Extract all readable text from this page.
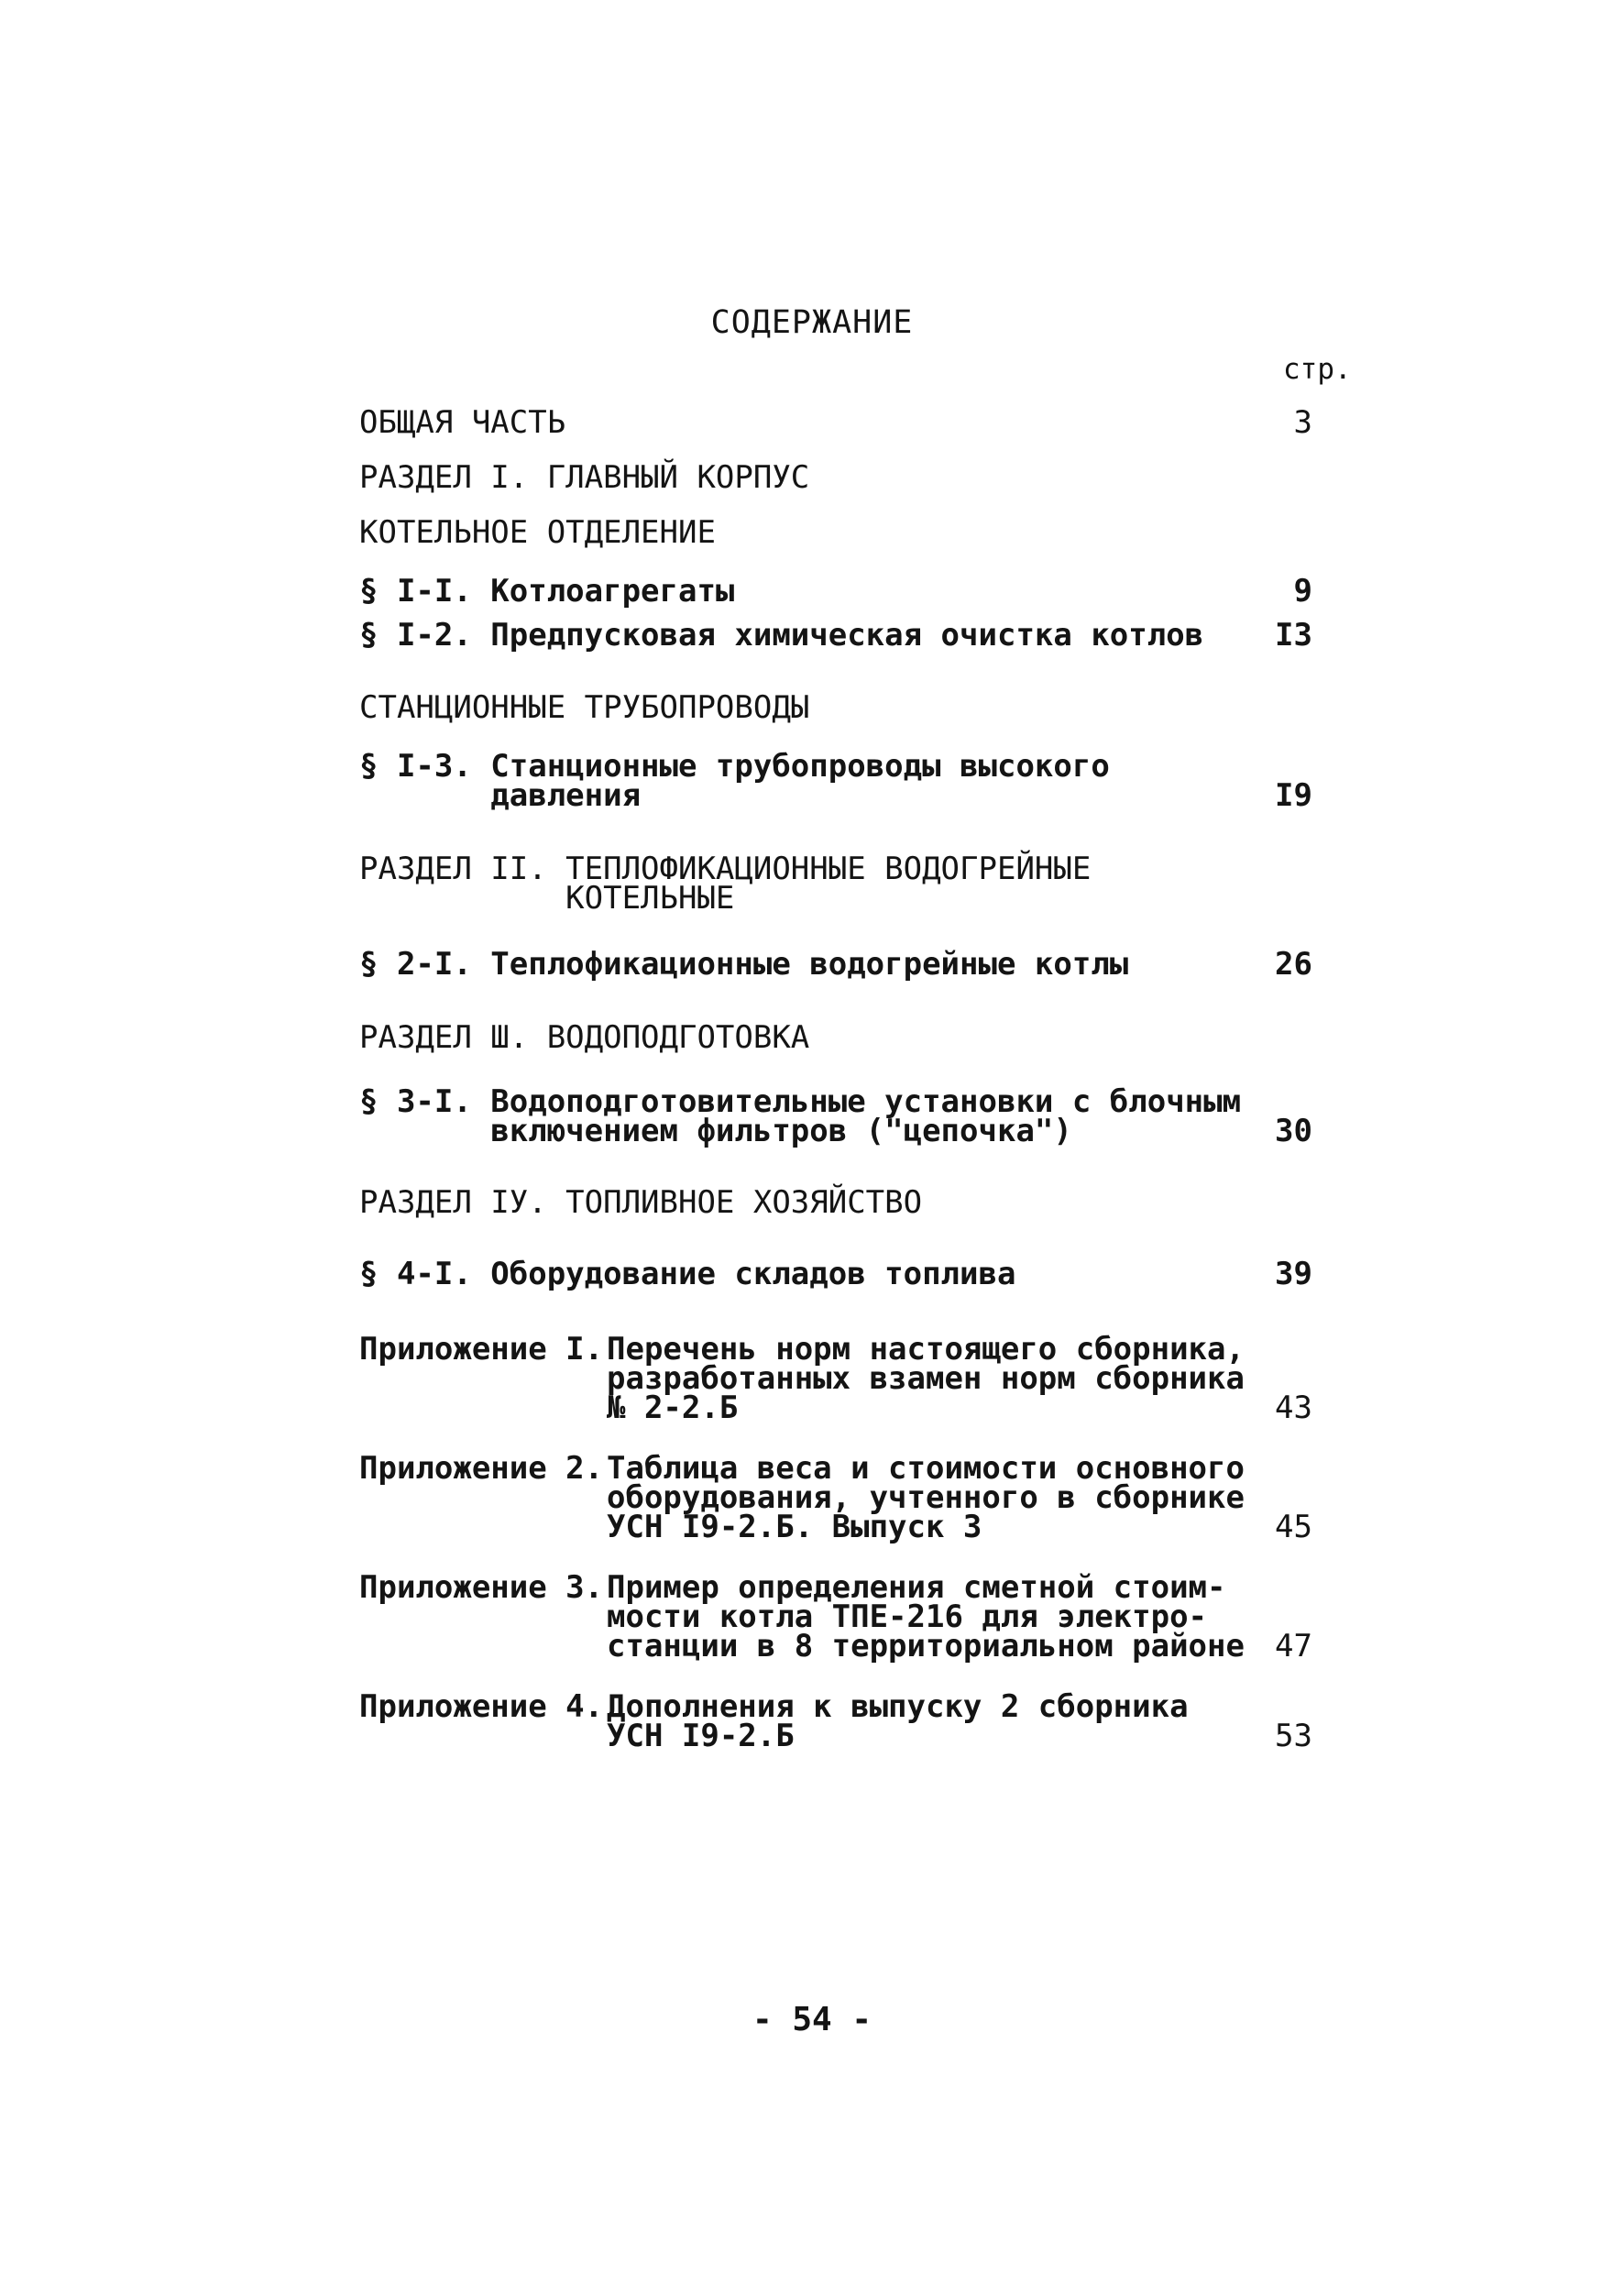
СОДЕРЖАНИЕ
стр.
ОБЩАЯ ЧАСТЬ	3
РАЗДЕЛ I. ГЛАВНЫЙ КОРПУС
КОТЕЛЬНОЕ ОТДЕЛЕНИЕ
§ I-I. Котлоагрегаты	9
§ I-2. Предпусковая химическая очистка котлов	I3
СТАНЦИОННЫЕ ТРУБОПРОВОДЫ
§ I-3. Станционные трубопроводы высокого
давления	I9
РАЗДЕЛ II. ТЕПЛОФИКАЦИОННЫЕ ВОДОГРЕЙНЫЕ
КОТЕЛЬНЫЕ
§ 2-I. Теплофикационные водогрейные котлы	26
РАЗДЕЛ Ш. ВОДОПОДГОТОВКА
§ 3-I. Водоподготовительные установки с блочным
включением фильтров ("цепочка")	30
РАЗДЕЛ IУ. ТОПЛИВНОЕ ХОЗЯЙСТВО
§ 4-I. Оборудование складов топлива	39
Приложение I. Перечень норм настоящего сборника,
разработанных взамен норм сборника
№ 2-2.Б	43
Приложение 2. Таблица веса и стоимости основного
оборудования, учтенного в сборнике
УСН I9-2.Б. Выпуск 3	45
Приложение 3. Пример определения сметной стоим-
мости котла ТПЕ-216 для электро-
станции в 8 территориальном районе 47
Приложение 4. Дополнения к выпуску 2 сборника
УСН I9-2.Б	53
- 54 -
